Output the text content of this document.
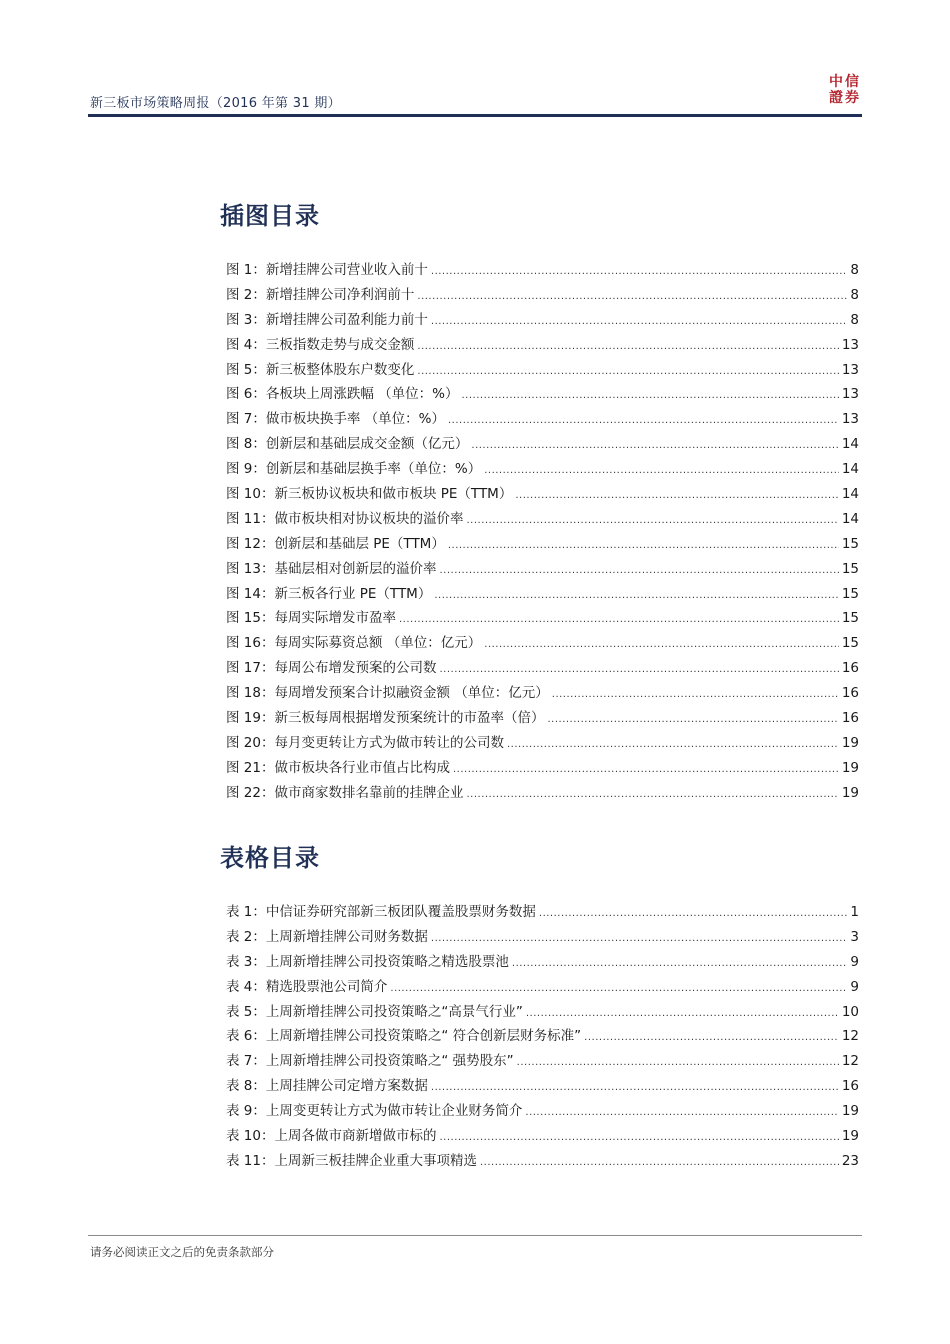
新三板市场策略周报（2016 年第 31 期）
中 信
證 券
插图目录
图 1：新增挂牌公司营业收入前十 .....	8
图 2：新增挂牌公司净利润前十 .....	8
图 3：新增挂牌公司盈利能力前十 .....	8
图 4：三板指数走势与成交金额 .....	13
图 5：新三板整体股东户数变化 .....	13
图 6：各板块上周涨跌幅 （单位：%） .....	13
图 7：做市板块换手率 （单位：%） .....	13
图 8：创新层和基础层成交金额（亿元） .....	14
图 9：创新层和基础层换手率（单位：%） .....	14
图 10：新三板协议板块和做市板块 PE（TTM） .....	14
图 11：做市板块相对协议板块的溢价率 .....	14
图 12：创新层和基础层 PE（TTM） .....	15
图 13：基础层相对创新层的溢价率 .....	15
图 14：新三板各行业 PE（TTM） .....	15
图 15：每周实际增发市盈率 .....	15
图 16：每周实际募资总额 （单位：亿元） .....	15
图 17：每周公布增发预案的公司数 .....	16
图 18：每周增发预案合计拟融资金额 （单位：亿元） .....	16
图 19：新三板每周根据增发预案统计的市盈率（倍） .....	16
图 20：每月变更转让方式为做市转让的公司数 .....	19
图 21：做市板块各行业市值占比构成 .....	19
图 22：做市商家数排名靠前的挂牌企业 .....	19
表格目录
表 1：中信证券研究部新三板团队覆盖股票财务数据 .....	1
表 2：上周新增挂牌公司财务数据 .....	3
表 3：上周新增挂牌公司投资策略之精选股票池 .....	9
表 4：精选股票池公司简介 .....	9
表 5：上周新增挂牌公司投资策略之“高景气行业” .....	10
表 6：上周新增挂牌公司投资策略之“ 符合创新层财务标准” .....	12
表 7：上周新增挂牌公司投资策略之“ 强势股东” .....	12
表 8：上周挂牌公司定增方案数据 .....	16
表 9：上周变更转让方式为做市转让企业财务简介 .....	19
表 10：上周各做市商新增做市标的 .....	19
表 11：上周新三板挂牌企业重大事项精选 .....	23
请务必阅读正文之后的免责条款部分
